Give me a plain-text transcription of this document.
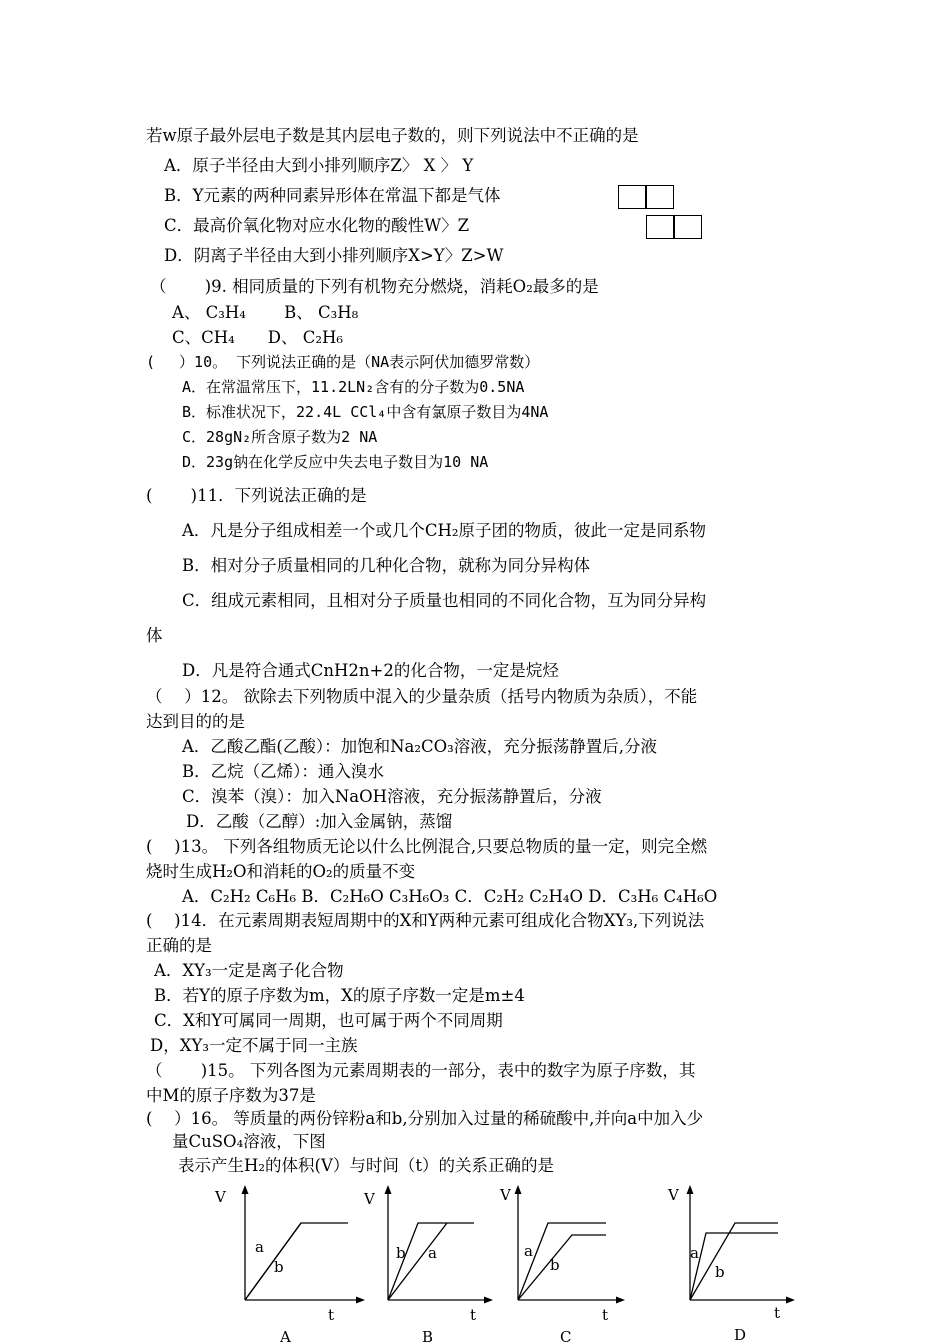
若w原子最外层电子数是其内层电子数的，则下列说法中不正确的是
A．原子半径由大到小排列顺序Z〉 X 〉 Y
B．Y元素的两种同素异形体在常温下都是气体
C．最高价氧化物对应水化物的酸性W〉Z
D．阴离子半径由大到小排列顺序X>Y〉Z>W
（　　 )9. 相同质量的下列有机物充分燃烧，消耗O₂最多的是
A、 C₃H₄　　 B、 C₃H₈
C、CH₄　　D、 C₂H₆
(　 ）10。 下列说法正确的是（NA表示阿伏加德罗常数）
A．在常温常压下，11.2LN₂含有的分子数为0.5NA
B．标准状况下，22.4L CCl₄中含有氯原子数目为4NA
C．28gN₂所含原子数为2 NA
D．23g钠在化学反应中失去电子数目为10 NA
(　　 )11．下列说法正确的是
A．凡是分子组成相差一个或几个CH₂原子团的物质，彼此一定是同系物
B．相对分子质量相同的几种化合物，就称为同分异构体
C．组成元素相同，且相对分子质量也相同的不同化合物，互为同分异构
体
D．凡是符合通式CnH2n+2的化合物，一定是烷烃
（　 ）12。 欲除去下列物质中混入的少量杂质（括号内物质为杂质），不能
达到目的的是
A．乙酸乙酯(乙酸）：加饱和Na₂CO₃溶液，充分振荡静置后,分液
B．乙烷（乙烯）：通入溴水
C．溴苯（溴）：加入NaOH溶液，充分振荡静置后，分液
D．乙酸（乙醇）:加入金属钠，蒸馏
(　 )13。 下列各组物质无论以什么比例混合,只要总物质的量一定，则完全燃
烧时生成H₂O和消耗的O₂的质量不变
A．C₂H₂ C₆H₆ B．C₂H₆O C₃H₆O₃ C．C₂H₂ C₂H₄O D．C₃H₆ C₄H₆O
(　 )14．在元素周期表短周期中的X和Y两种元素可组成化合物XY₃,下列说法
正确的是
A．XY₃一定是离子化合物
B．若Y的原子序数为m，X的原子序数一定是m±4
C．X和Y可属同一周期，也可属于两个不同周期
D，XY₃一定不属于同一主族
（　　 )15。 下列各图为元素周期表的一部分，表中的数字为原子序数，其
中M的原子序数为37是
(　 ）16。 等质量的两份锌粉a和b,分别加入过量的稀硫酸中,并向a中加入少
量CuSO₄溶液，下图
表示产生H₂的体积(V）与时间（t）的关系正确的是
V
t
A
a
b
V
t
B
b a
V
t
C
a
b
V
t
D
a
b
